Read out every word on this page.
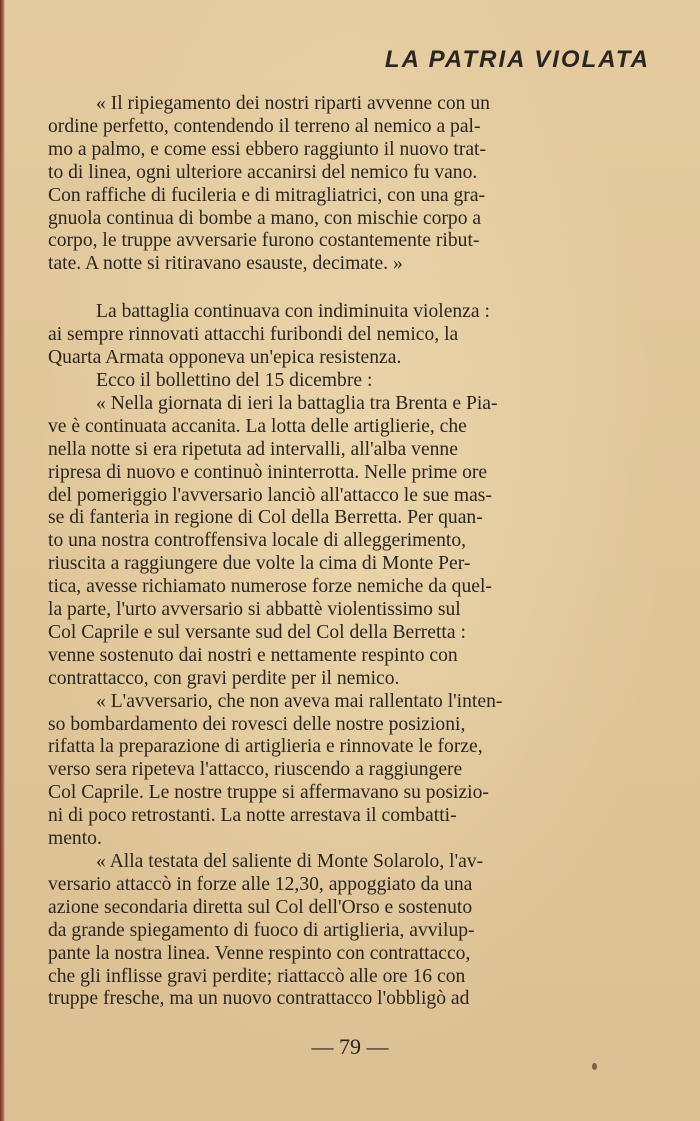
LA PATRIA VIOLATA

« Il ripiegamento dei nostri riparti avvenne con un
ordine perfetto, contendendo il terreno al nemico a pal-
mo a palmo, e come essi ebbero raggiunto il nuovo trat-
to di linea, ogni ulteriore accanirsi del nemico fu vano.
Con raffiche di fucileria e di mitragliatrici, con una gra-
gnuola continua di bombe a mano, con mischie corpo a
corpo, le truppe avversarie furono costantemente ribut-
tate. A notte si ritiravano esauste, decimate. »

La battaglia continuava con indiminuita violenza :
ai sempre rinnovati attacchi furibondi del nemico, la
Quarta Armata opponeva un'epica resistenza.

Ecco il bollettino del 15 dicembre :

« Nella giornata di ieri la battaglia tra Brenta e Pia-
ve è continuata accanita. La lotta delle artiglierie, che
nella notte si era ripetuta ad intervalli, all'alba venne
ripresa di nuovo e continuò ininterrotta. Nelle prime ore
del pomeriggio l'avversario lanciò all'attacco le sue mas-
se di fanteria in regione di Col della Berretta. Per quan-
to una nostra controffensiva locale di alleggerimento,
riuscita a raggiungere due volte la cima di Monte Per-
tica, avesse richiamato numerose forze nemiche da quel-
la parte, l'urto avversario si abbattè violentissimo sul
Col Caprile e sul versante sud del Col della Berretta :
venne sostenuto dai nostri e nettamente respinto con
contrattacco, con gravi perdite per il nemico.

« L'avversario, che non aveva mai rallentato l'inten-
so bombardamento dei rovesci delle nostre posizioni,
rifatta la preparazione di artiglieria e rinnovate le forze,
verso sera ripeteva l'attacco, riuscendo a raggiungere
Col Caprile. Le nostre truppe si affermavano su posizio-
ni di poco retrostanti. La notte arrestava il combatti-
mento.

« Alla testata del saliente di Monte Solarolo, l'av-
versario attaccò in forze alle 12,30, appoggiato da una
azione secondaria diretta sul Col dell'Orso e sostenuto
da grande spiegamento di fuoco di artiglieria, avvilup-
pante la nostra linea. Venne respinto con contrattacco,
che gli inflisse gravi perdite; riattaccò alle ore 16 con
truppe fresche, ma un nuovo contrattacco l'obbligò ad

— 79 —
